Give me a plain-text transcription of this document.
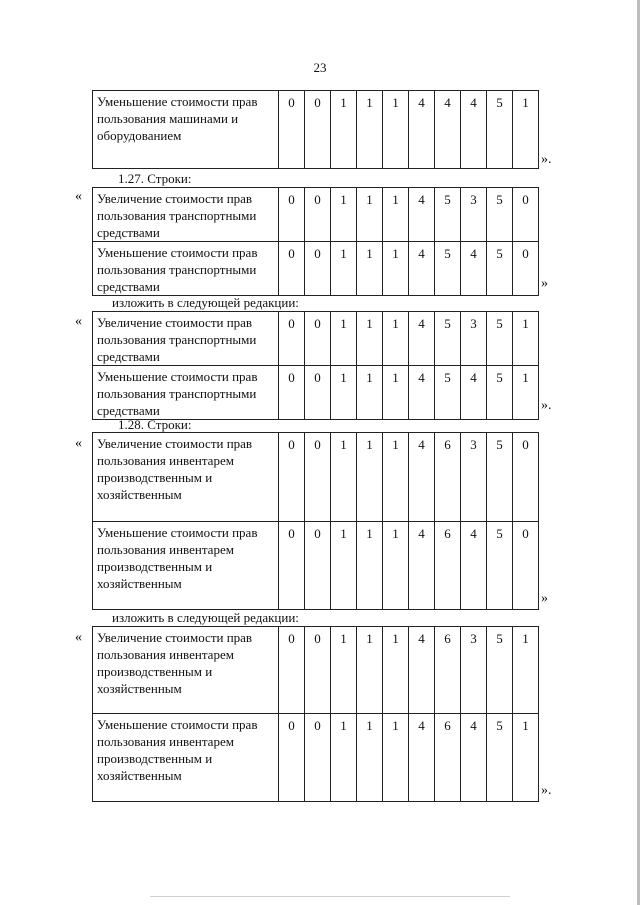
23
Уменьшение стоимости прав пользования машинами и оборудованием	0	0	1	1	1	4	4	4	5	1
».
1.27. Строки:
« Увеличение стоимости прав пользования транспортными средствами	0	0	1	1	1	4	5	3	5	0
Уменьшение стоимости прав пользования транспортными средствами	0	0	1	1	1	4	5	4	5	0
»
изложить в следующей редакции:
« Увеличение стоимости прав пользования транспортными средствами	0	0	1	1	1	4	5	3	5	1
Уменьшение стоимости прав пользования транспортными средствами	0	0	1	1	1	4	5	4	5	1
».
1.28. Строки:
« Увеличение стоимости прав пользования инвентарем производственным и хозяйственным	0	0	1	1	1	4	6	3	5	0
Уменьшение стоимости прав пользования инвентарем производственным и хозяйственным	0	0	1	1	1	4	6	4	5	0
»
изложить в следующей редакции:
« Увеличение стоимости прав пользования инвентарем производственным и хозяйственным	0	0	1	1	1	4	6	3	5	1
Уменьшение стоимости прав пользования инвентарем производственным и хозяйственным	0	0	1	1	1	4	6	4	5	1
».
